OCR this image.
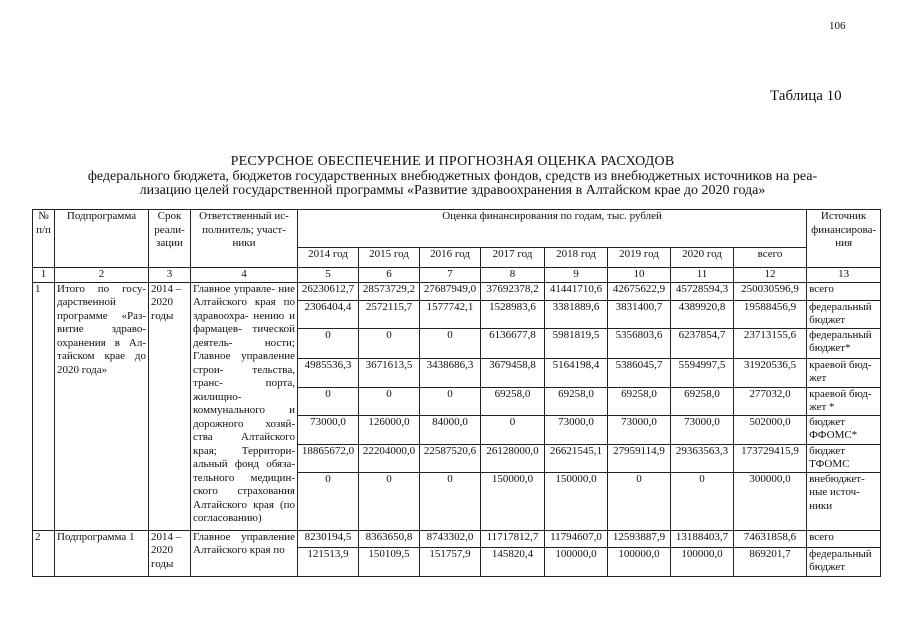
106
Таблица 10
РЕСУРСНОЕ ОБЕСПЕЧЕНИЕ И ПРОГНОЗНАЯ ОЦЕНКА РАСХОДОВ
федерального бюджета, бюджетов государственных внебюджетных фондов, средств из внебюджетных источников на реа-
лизацию целей государственной программы «Развитие здравоохранения в Алтайском крае до 2020 года»
№ п/п	Подпрограмма	Срок реали- зации	Ответственный ис- полнитель; участ- ники	Оценка финансирования по годам, тыс. рублей								Источник финансирова- ния
				2014 год	2015 год	2016 год	2017 год	2018 год	2019 год	2020 год	всего	
1	2	3	4	5	6	7	8	9	10	11	12	13
1	Итого по госу- дарственной программе «Раз- витие здраво- охранения в Ал- тайском крае до 2020 года»	2014 – 2020 годы	Главное управле- ние Алтайского края по здравоохра- нению и фармацев- тической деятель- ности; Главное управление строи- тельства, транс- порта, жилищно- коммунального и дорожного хозяй- ства Алтайского края; Территори- альный фонд обяза- тельного медицин- ского страхования Алтайского края (по согласованию)	26230612,7	28573729,2	27687949,0	37692378,2	41441710,6	42675622,9	45728594,3	250030596,9	всего
				2306404,4	2572115,7	1577742,1	1528983,6	3381889,6	3831400,7	4389920,8	19588456,9	федеральный бюджет
				0	0	0	6136677,8	5981819,5	5356803,6	6237854,7	23713155,6	федеральный бюджет*
				4985536,3	3671613,5	3438686,3	3679458,8	5164198,4	5386045,7	5594997,5	31920536,5	краевой бюд- жет
				0	0	0	69258,0	69258,0	69258,0	69258,0	277032,0	краевой бюд- жет *
				73000,0	126000,0	84000,0	0	73000,0	73000,0	73000,0	502000,0	бюджет ФФОМС*
				18865672,0	22204000,0	22587520,6	26128000,0	26621545,1	27959114,9	29363563,3	173729415,9	бюджет ТФОМС
				0	0	0	150000,0	150000,0	0	0	300000,0	внебюджет- ные источ- ники
2	Подпрограмма 1	2014 – 2020 годы	Главное управление Алтайского края по	8230194,5	8363650,8	8743302,0	11717812,7	11794607,0	12593887,9	13188403,7	74631858,6	всего
				121513,9	150109,5	151757,9	145820,4	100000,0	100000,0	100000,0	869201,7	федеральный бюджет
